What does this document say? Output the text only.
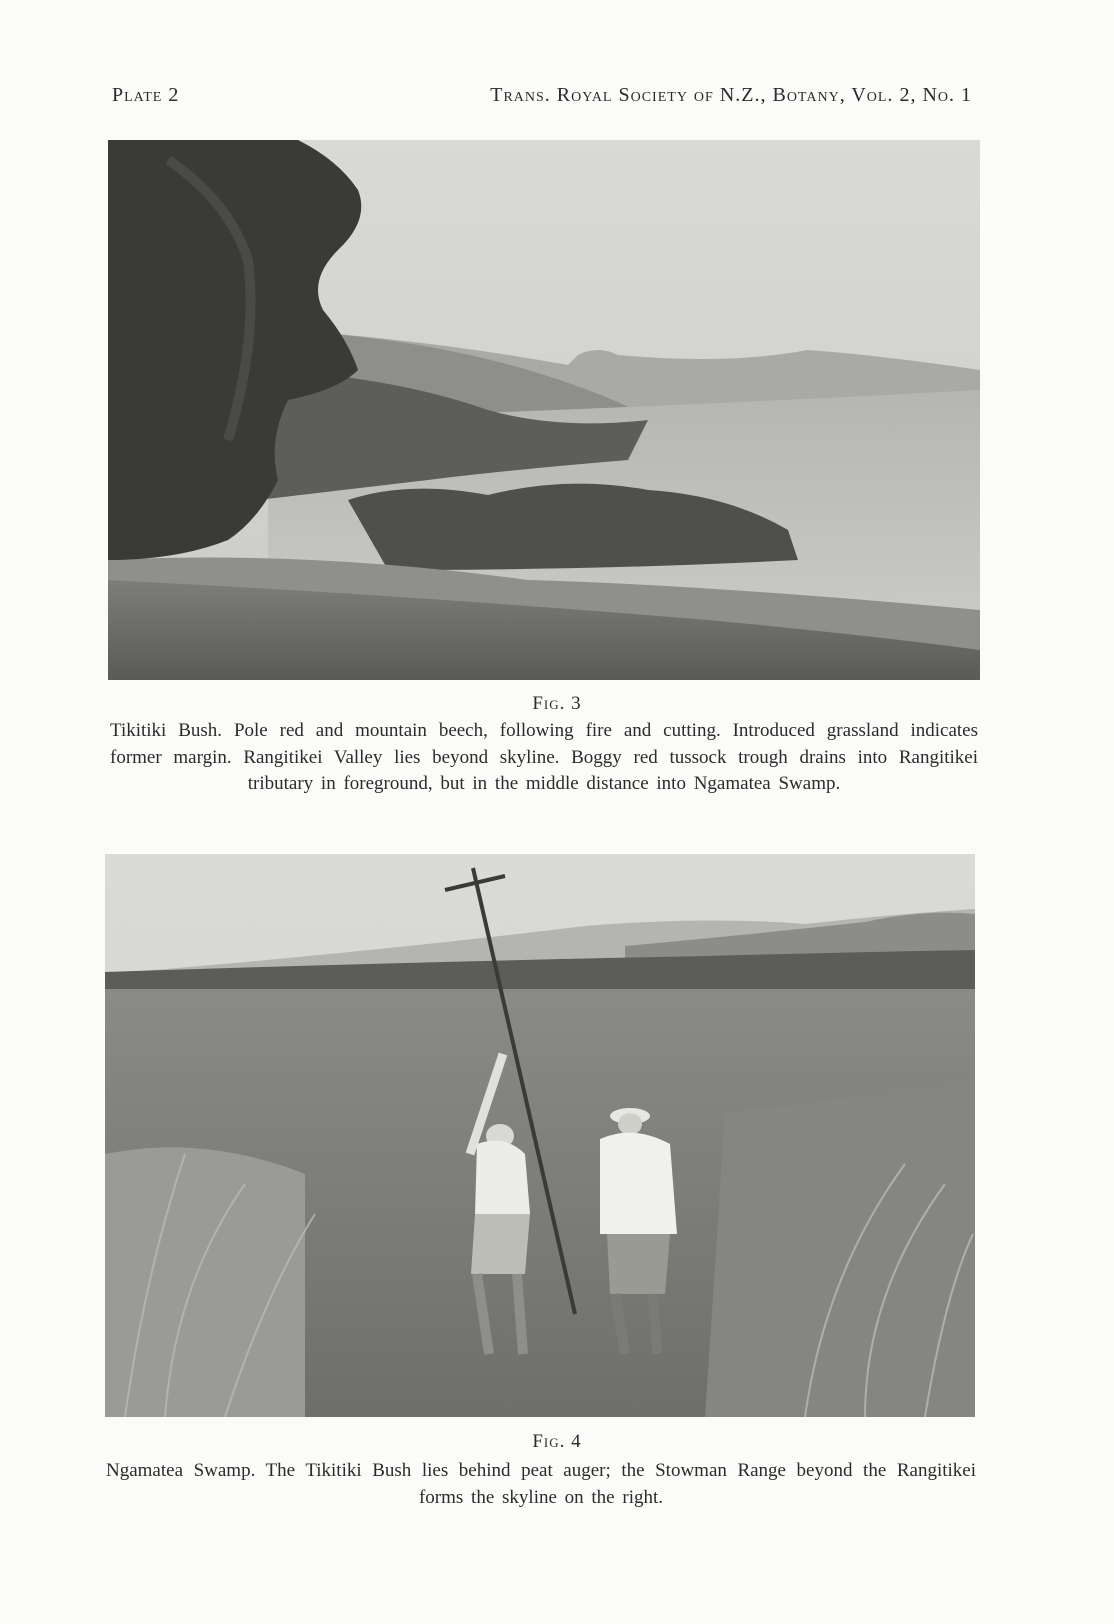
Plate 2	Trans. Royal Society of N.Z., Botany, Vol. 2, No. 1
Fig. 3
Tikitiki Bush. Pole red and mountain beech, following fire and cutting. Introduced grassland indicates former margin. Rangitikei Valley lies beyond skyline. Boggy red tussock trough drains into Rangitikei tributary in foreground, but in the middle distance into Ngamatea Swamp.
Fig. 4
Ngamatea Swamp. The Tikitiki Bush lies behind peat auger; the Stowman Range beyond the Rangitikei forms the skyline on the right.
